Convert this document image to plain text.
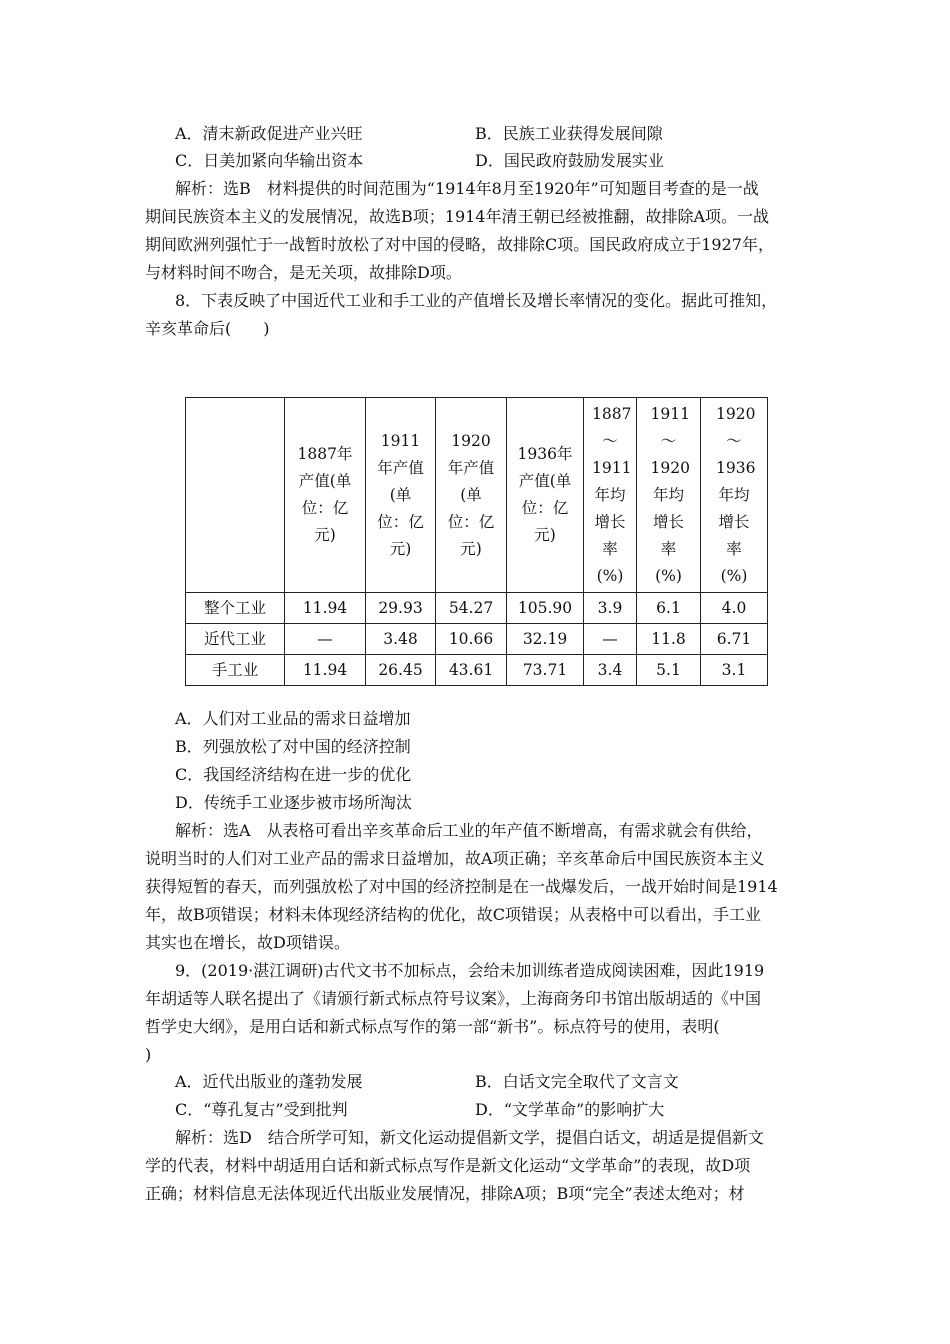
A．清末新政促进产业兴旺	B．民族工业获得发展间隙
C．日美加紧向华输出资本	D．国民政府鼓励发展实业
解析：选B　材料提供的时间范围为“1914年8月至1920年”可知题目考查的是一战
期间民族资本主义的发展情况，故选B项；1914年清王朝已经被推翻，故排除A项。一战
期间欧洲列强忙于一战暂时放松了对中国的侵略，故排除C项。国民政府成立于1927年，
与材料时间不吻合，是无关项，故排除D项。
8．下表反映了中国近代工业和手工业的产值增长及增长率情况的变化。据此可推知，
辛亥革命后(　　)
	1887年产值(单位：亿元)	1911年产值(单位：亿元)	1920年产值(单位：亿元)	1936年产值(单位：亿元)	1887～1911年均增长率(%)	1911～1920年均增长率(%)	1920～1936年均增长率(%)
整个工业	11.94	29.93	54.27	105.90	3.9	6.1	4.0
近代工业	—	3.48	10.66	32.19	—	11.8	6.71
手工业	11.94	26.45	43.61	73.71	3.4	5.1	3.1
A．人们对工业品的需求日益增加
B．列强放松了对中国的经济控制
C．我国经济结构在进一步的优化
D．传统手工业逐步被市场所淘汰
解析：选A　从表格可看出辛亥革命后工业的年产值不断增高，有需求就会有供给，
说明当时的人们对工业产品的需求日益增加，故A项正确；辛亥革命后中国民族资本主义
获得短暂的春天，而列强放松了对中国的经济控制是在一战爆发后，一战开始时间是1914
年，故B项错误；材料未体现经济结构的优化，故C项错误；从表格中可以看出，手工业
其实也在增长，故D项错误。
9．(2019·湛江调研)古代文书不加标点，会给未加训练者造成阅读困难，因此1919
年胡适等人联名提出了《请颁行新式标点符号议案》，上海商务印书馆出版胡适的《中国
哲学史大纲》，是用白话和新式标点写作的第一部“新书”。标点符号的使用，表明(
)
A．近代出版业的蓬勃发展	B．白话文完全取代了文言文
C．“尊孔复古”受到批判	D．“文学革命”的影响扩大
解析：选D　结合所学可知，新文化运动提倡新文学，提倡白话文，胡适是提倡新文
学的代表，材料中胡适用白话和新式标点写作是新文化运动“文学革命”的表现，故D项
正确；材料信息无法体现近代出版业发展情况，排除A项；B项“完全”表述太绝对；材
